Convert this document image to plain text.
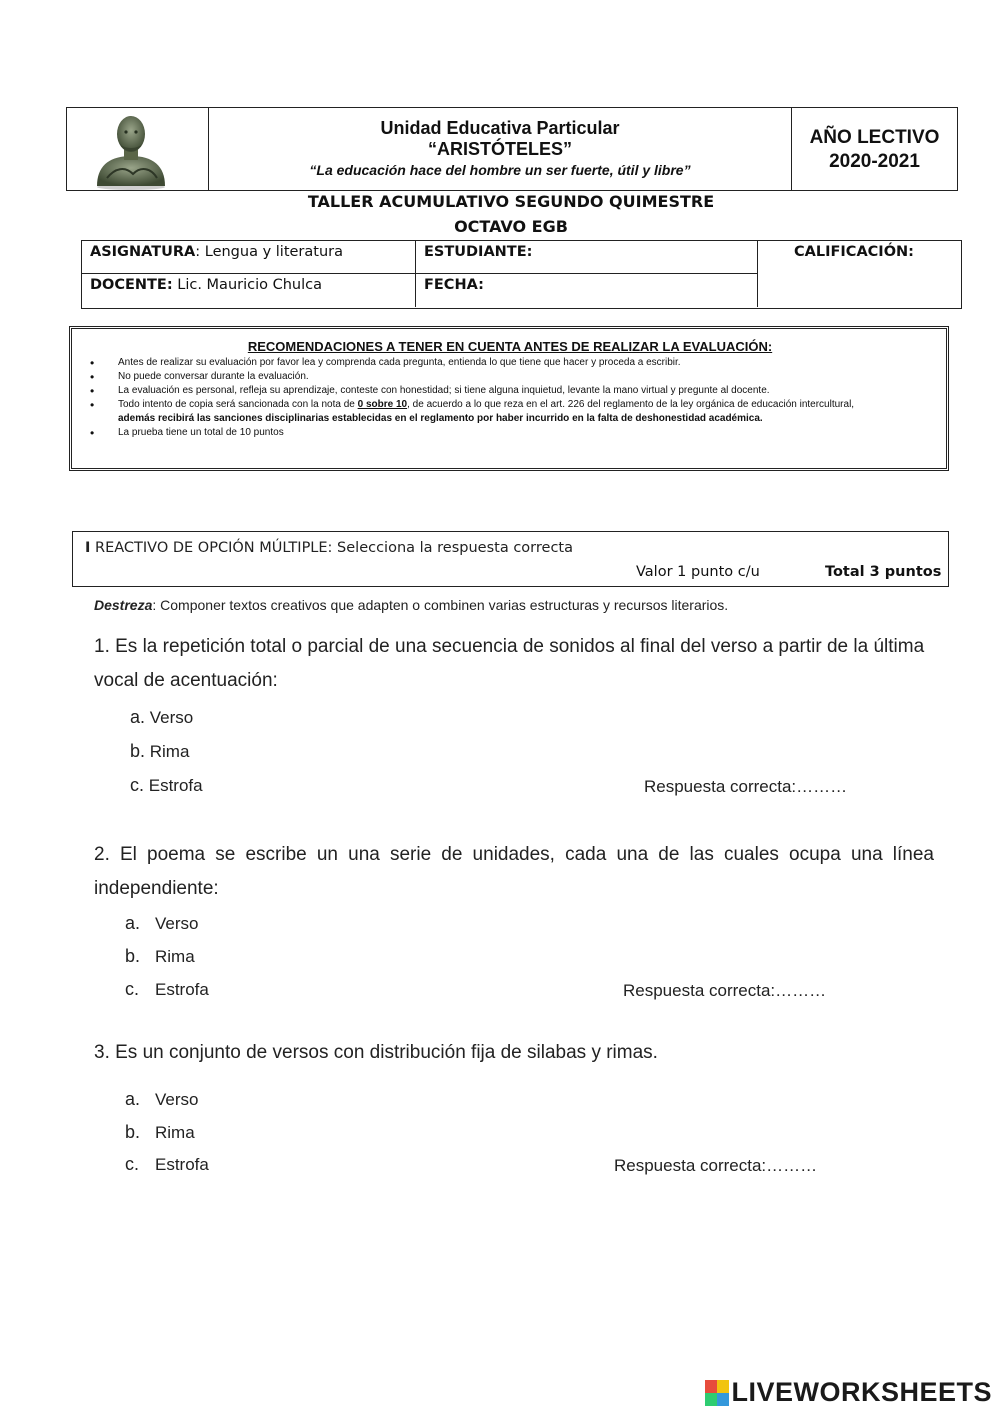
Unidad Educativa Particular
“ARISTÓTELES”
“La educación hace del hombre un ser fuerte, útil y libre”
AÑO LECTIVO
2020-2021
TALLER ACUMULATIVO SEGUNDO QUIMESTRE
OCTAVO EGB
ASIGNATURA: Lengua y literatura	ESTUDIANTE:	CALIFICACIÓN:
DOCENTE: Lic. Mauricio Chulca	FECHA:
RECOMENDACIONES A TENER EN CUENTA ANTES DE REALIZAR LA EVALUACIÓN:
• Antes de realizar su evaluación por favor lea y comprenda cada pregunta, entienda lo que tiene que hacer y proceda a escribir.
• No puede conversar durante la evaluación.
• La evaluación es personal, refleja su aprendizaje, conteste con honestidad; si tiene alguna inquietud, levante la mano virtual y pregunte al docente.
• Todo intento de copia será sancionada con la nota de 0 sobre 10, de acuerdo a lo que reza en el art. 226 del reglamento de la ley orgánica de educación intercultural,
además recibirá las sanciones disciplinarias establecidas en el reglamento por haber incurrido en la falta de deshonestidad académica.
• La prueba tiene un total de 10 puntos
I REACTIVO DE OPCIÓN MÚLTIPLE: Selecciona la respuesta correcta
Valor 1 punto c/u	Total 3 puntos
Destreza: Componer textos creativos que adapten o combinen varias estructuras y recursos literarios.
1. Es la repetición total o parcial de una secuencia de sonidos al final del verso a partir de la última vocal de acentuación:
a. Verso
b. Rima
c. Estrofa	Respuesta correcta:………
2. El poema se escribe un una serie de unidades, cada una de las cuales ocupa una línea independiente:
a. Verso
b. Rima
c. Estrofa	Respuesta correcta:………
3. Es un conjunto de versos con distribución fija de silabas y rimas.
a. Verso
b. Rima
c. Estrofa	Respuesta correcta:………
LIVEWORKSHEETS
